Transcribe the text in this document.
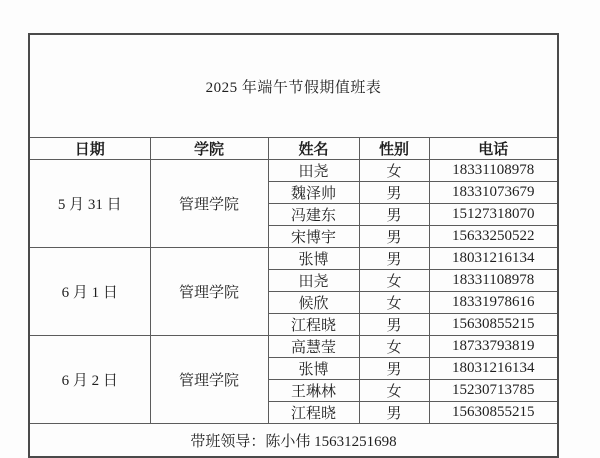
2025 年端午节假期值班表				
日期	学院	姓名	性别	电话
5 月 31 日	管理学院	田尧	女	18331108978
		魏泽帅	男	18331073679
		冯建东	男	15127318070
		宋博宇	男	15633250522
6 月 1 日	管理学院	张博	男	18031216134
		田尧	女	18331108978
		候欣	女	18331978616
		江程晓	男	15630855215
6 月 2 日	管理学院	高慧莹	女	18733793819
		张博	男	18031216134
		王琳林	女	15230713785
		江程晓	男	15630855215
带班领导：陈小伟 15631251698				
